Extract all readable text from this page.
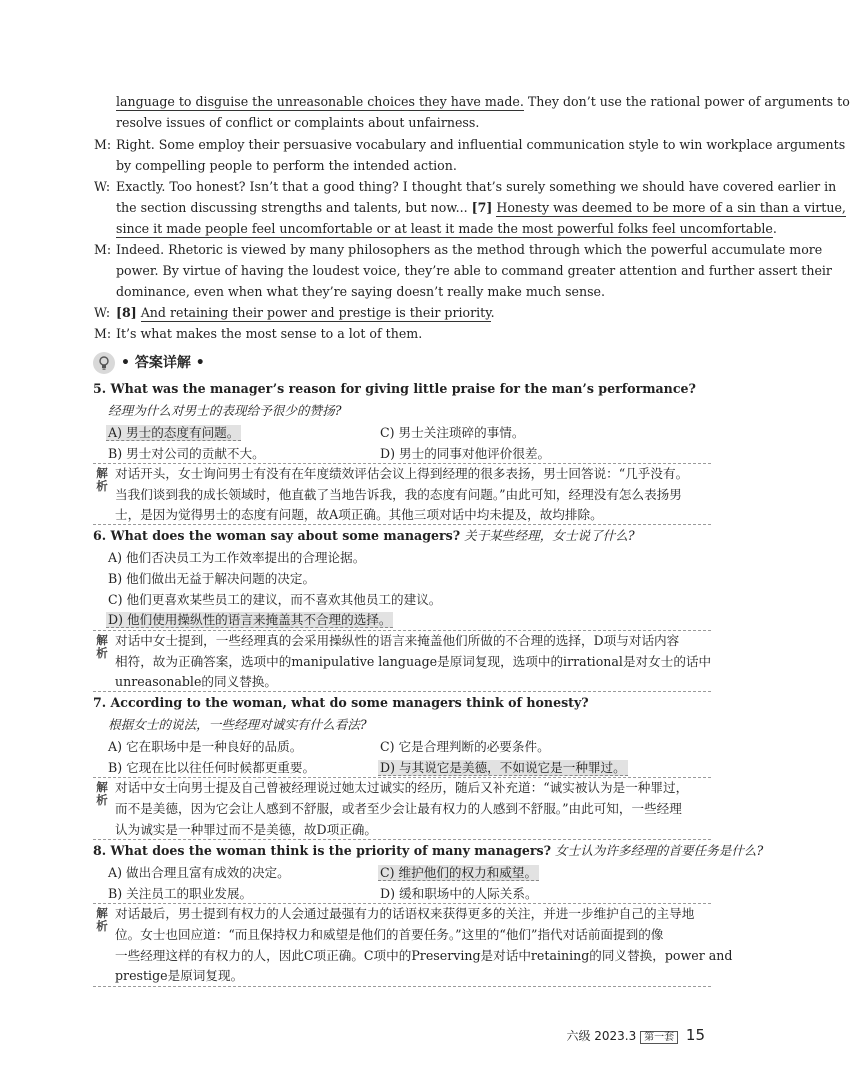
language to disguise the unreasonable choices they have made. They don’t use the rational power of arguments to
resolve issues of conflict or complaints about unfairness.
M: Right. Some employ their persuasive vocabulary and influential communication style to win workplace arguments
by compelling people to perform the intended action.
W: Exactly. Too honest? Isn’t that a good thing? I thought that’s surely something we should have covered earlier in
the section discussing strengths and talents, but now... [7] Honesty was deemed to be more of a sin than a virtue,
since it made people feel uncomfortable or at least it made the most powerful folks feel uncomfortable.
M: Indeed. Rhetoric is viewed by many philosophers as the method through which the powerful accumulate more
power. By virtue of having the loudest voice, they’re able to command greater attention and further assert their
dominance, even when what they’re saying doesn’t really make much sense.
W: [8] And retaining their power and prestige is their priority.
M: It’s what makes the most sense to a lot of them.
• 答案详解 •
5. What was the manager’s reason for giving little praise for the man’s performance?
经理为什么对男士的表现给予很少的赞扬?
A) 男士的态度有问题。	C) 男士关注琐碎的事情。
B) 男士对公司的贡献不大。	D) 男士的同事对他评价很差。
解
析
对话开头，女士询问男士有没有在年度绩效评估会议上得到经理的很多表扬，男士回答说：“几乎没有。
当我们谈到我的成长领域时，他直截了当地告诉我，我的态度有问题。”由此可知，经理没有怎么表扬男
士，是因为觉得男士的态度有问题，故A项正确。其他三项对话中均未提及，故均排除。
6. What does the woman say about some managers? 关于某些经理，女士说了什么?
A) 他们否决员工为工作效率提出的合理论据。
B) 他们做出无益于解决问题的决定。
C) 他们更喜欢某些员工的建议，而不喜欢其他员工的建议。
D) 他们使用操纵性的语言来掩盖其不合理的选择。
解
析
对话中女士提到，一些经理真的会采用操纵性的语言来掩盖他们所做的不合理的选择，D项与对话内容
相符，故为正确答案，选项中的manipulative language是原词复现，选项中的irrational是对女士的话中
unreasonable的同义替换。
7. According to the woman, what do some managers think of honesty?
根据女士的说法，一些经理对诚实有什么看法?
A) 它在职场中是一种良好的品质。	C) 它是合理判断的必要条件。
B) 它现在比以往任何时候都更重要。	D) 与其说它是美德，不如说它是一种罪过。
解
析
对话中女士向男士提及自己曾被经理说过她太过诚实的经历，随后又补充道：“诚实被认为是一种罪过，
而不是美德，因为它会让人感到不舒服，或者至少会让最有权力的人感到不舒服。”由此可知，一些经理
认为诚实是一种罪过而不是美德，故D项正确。
8. What does the woman think is the priority of many managers? 女士认为许多经理的首要任务是什么?
A) 做出合理且富有成效的决定。	C) 维护他们的权力和威望。
B) 关注员工的职业发展。	D) 缓和职场中的人际关系。
解
析
对话最后，男士提到有权力的人会通过最强有力的话语权来获得更多的关注，并进一步维护自己的主导地
位。女士也回应道：“而且保持权力和威望是他们的首要任务。”这里的“他们”指代对话前面提到的像
一些经理这样的有权力的人，因此C项正确。C项中的Preserving是对话中retaining的同义替换，power and
prestige是原词复现。
六级 2023.3 第一套 15
